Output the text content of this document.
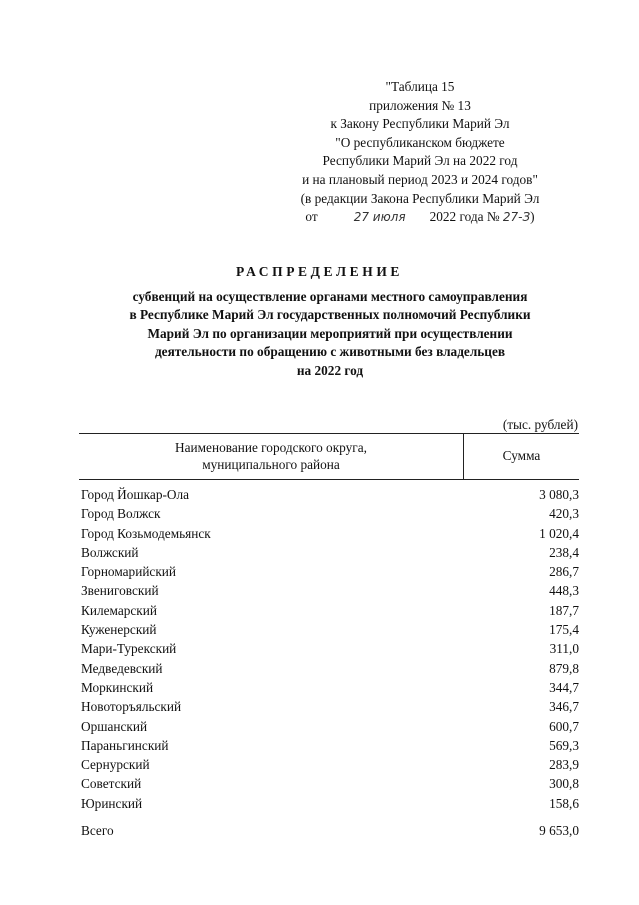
"Таблица 15
приложения № 13
к Закону Республики Марий Эл
"О республиканском бюджете
Республики Марий Эл на 2022 год
и на плановый период 2023 и 2024 годов"
(в редакции Закона Республики Марий Эл
от	27 июля 2022 года № 27-З)
РАСПРЕДЕЛЕНИЕ
субвенций на осуществление органами местного самоуправления
в Республике Марий Эл государственных полномочий Республики
Марий Эл по организации мероприятий при осуществлении
деятельности по обращению с животными без владельцев
на 2022 год
(тыс. рублей)
Наименование городского округа,
муниципального района
Сумма
Город Йошкар-Ола	3 080,3
Город Волжск	420,3
Город Козьмодемьянск	1 020,4
Волжский	238,4
Горномарийский	286,7
Звениговский	448,3
Килемарский	187,7
Куженерский	175,4
Мари-Турекский	311,0
Медведевский	879,8
Моркинский	344,7
Новоторъяльский	346,7
Оршанский	600,7
Параньгинский	569,3
Сернурский	283,9
Советский	300,8
Юринский	158,6
Всего	9 653,0
